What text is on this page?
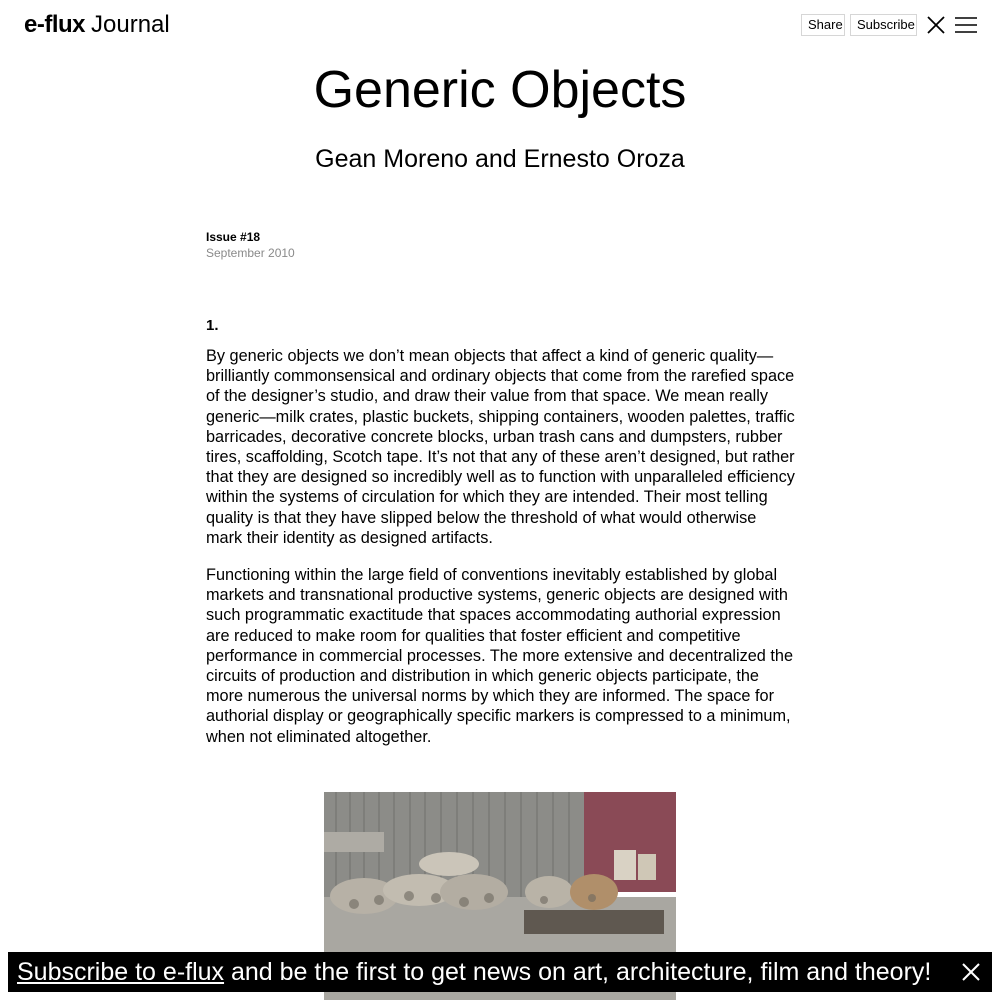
e-flux Journal	Share	Subscribe
Generic Objects
Gean Moreno and Ernesto Oroza
Issue #18
September 2010
1.

By generic objects we don’t mean objects that affect a kind of generic quality—brilliantly commonsensical and ordinary objects that come from the rarefied space of the designer’s studio, and draw their value from that space. We mean really generic—milk crates, plastic buckets, shipping containers, wooden palettes, traffic barricades, decorative concrete blocks, urban trash cans and dumpsters, rubber tires, scaffolding, Scotch tape. It’s not that any of these aren’t designed, but rather that they are designed so incredibly well as to function with unparalleled efficiency within the systems of circulation for which they are intended. Their most telling quality is that they have slipped below the threshold of what would otherwise mark their identity as designed artifacts.

Functioning within the large field of conventions inevitably established by global markets and transnational productive systems, generic objects are designed with such programmatic exactitude that spaces accommodating authorial expression are reduced to make room for qualities that foster efficient and competitive performance in commercial processes. The more extensive and decentralized the circuits of production and distribution in which generic objects participate, the more numerous the universal norms by which they are informed. The space for authorial display or geographically specific markers is compressed to a minimum, when not eliminated altogether.

Subscribe to e-flux and be the first to get news on art, architecture, film and theory!
